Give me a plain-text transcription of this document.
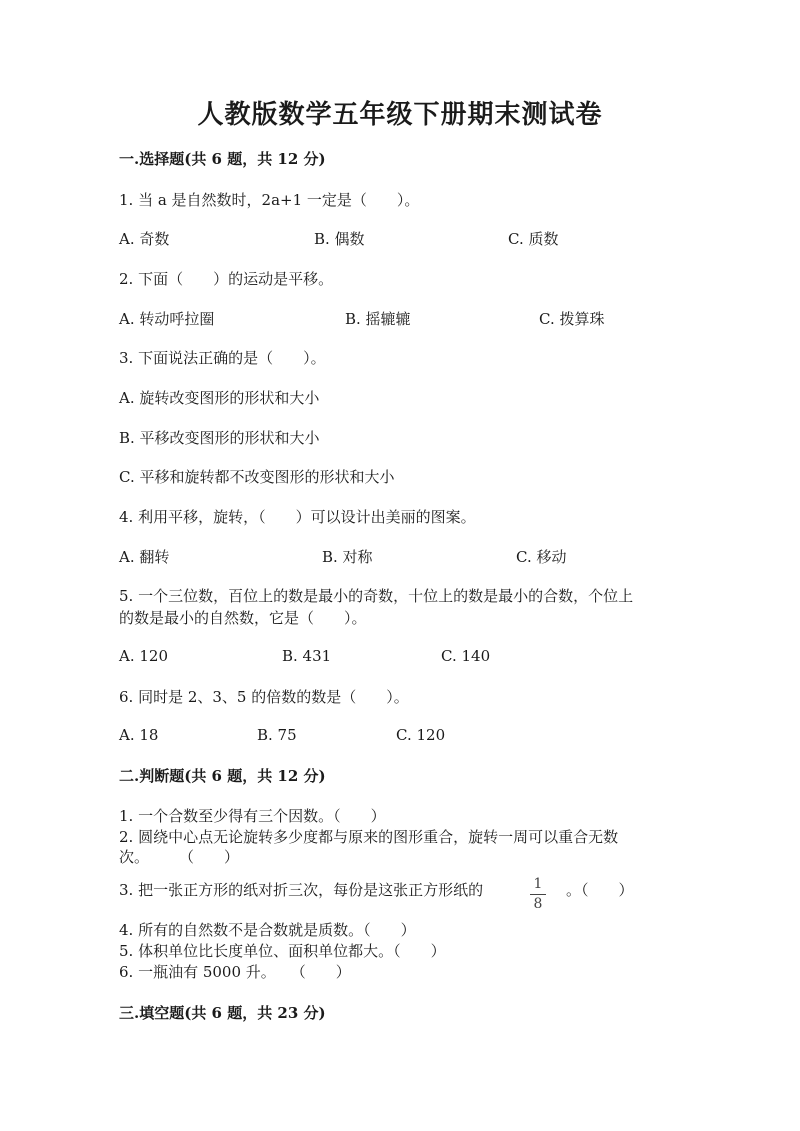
人教版数学五年级下册期末测试卷
一.选择题(共 6 题，共 12 分)

1. 当 a 是自然数时，2a+1 一定是（　　）。

A. 奇数	B. 偶数	C. 质数

2. 下面（　　）的运动是平移。

A. 转动呼拉圈	B. 摇辘辘	C. 拨算珠

3. 下面说法正确的是（　　）。

A. 旋转改变图形的形状和大小

B. 平移改变图形的形状和大小

C. 平移和旋转都不改变图形的形状和大小

4. 利用平移，旋转，（　　）可以设计出美丽的图案。

A. 翻转	B. 对称	C. 移动

5. 一个三位数，百位上的数是最小的奇数，十位上的数是最小的合数，个位上

的数是最小的自然数，它是（　　）。

A. 120	B. 431	C. 140

6. 同时是 2、3、5 的倍数的数是（　　）。

A. 18	B. 75	C. 120
二.判断题(共 6 题，共 12 分)

1. 一个合数至少得有三个因数。（　　）

2. 圆绕中心点无论旋转多少度都与原来的图形重合，旋转一周可以重合无数

次。　　　（　　）

3. 把一张正方形的纸对折三次，每份是这张正方形纸的	1
8

。（　　）

4. 所有的自然数不是合数就是质数。（　　）

5. 体积单位比长度单位、面积单位都大。（　　）

6. 一瓶油有 5000 升。　　（　　）

三.填空题(共 6 题，共 23 分)
